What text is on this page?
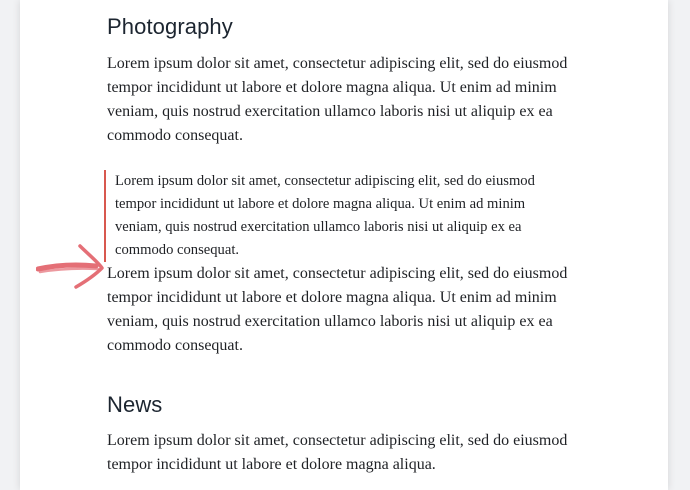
Photography

Lorem ipsum dolor sit amet, consectetur adipiscing elit, sed do eiusmod tempor incididunt ut labore et dolore magna aliqua. Ut enim ad minim veniam, quis nostrud exercitation ullamco laboris nisi ut aliquip ex ea commodo consequat.

Lorem ipsum dolor sit amet, consectetur adipiscing elit, sed do eiusmod tempor incididunt ut labore et dolore magna aliqua. Ut enim ad minim veniam, quis nostrud exercitation ullamco laboris nisi ut aliquip ex ea commodo consequat.

Lorem ipsum dolor sit amet, consectetur adipiscing elit, sed do eiusmod tempor incididunt ut labore et dolore magna aliqua. Ut enim ad minim veniam, quis nostrud exercitation ullamco laboris nisi ut aliquip ex ea commodo consequat.

News

Lorem ipsum dolor sit amet, consectetur adipiscing elit, sed do eiusmod tempor incididunt ut labore et dolore magna aliqua.
